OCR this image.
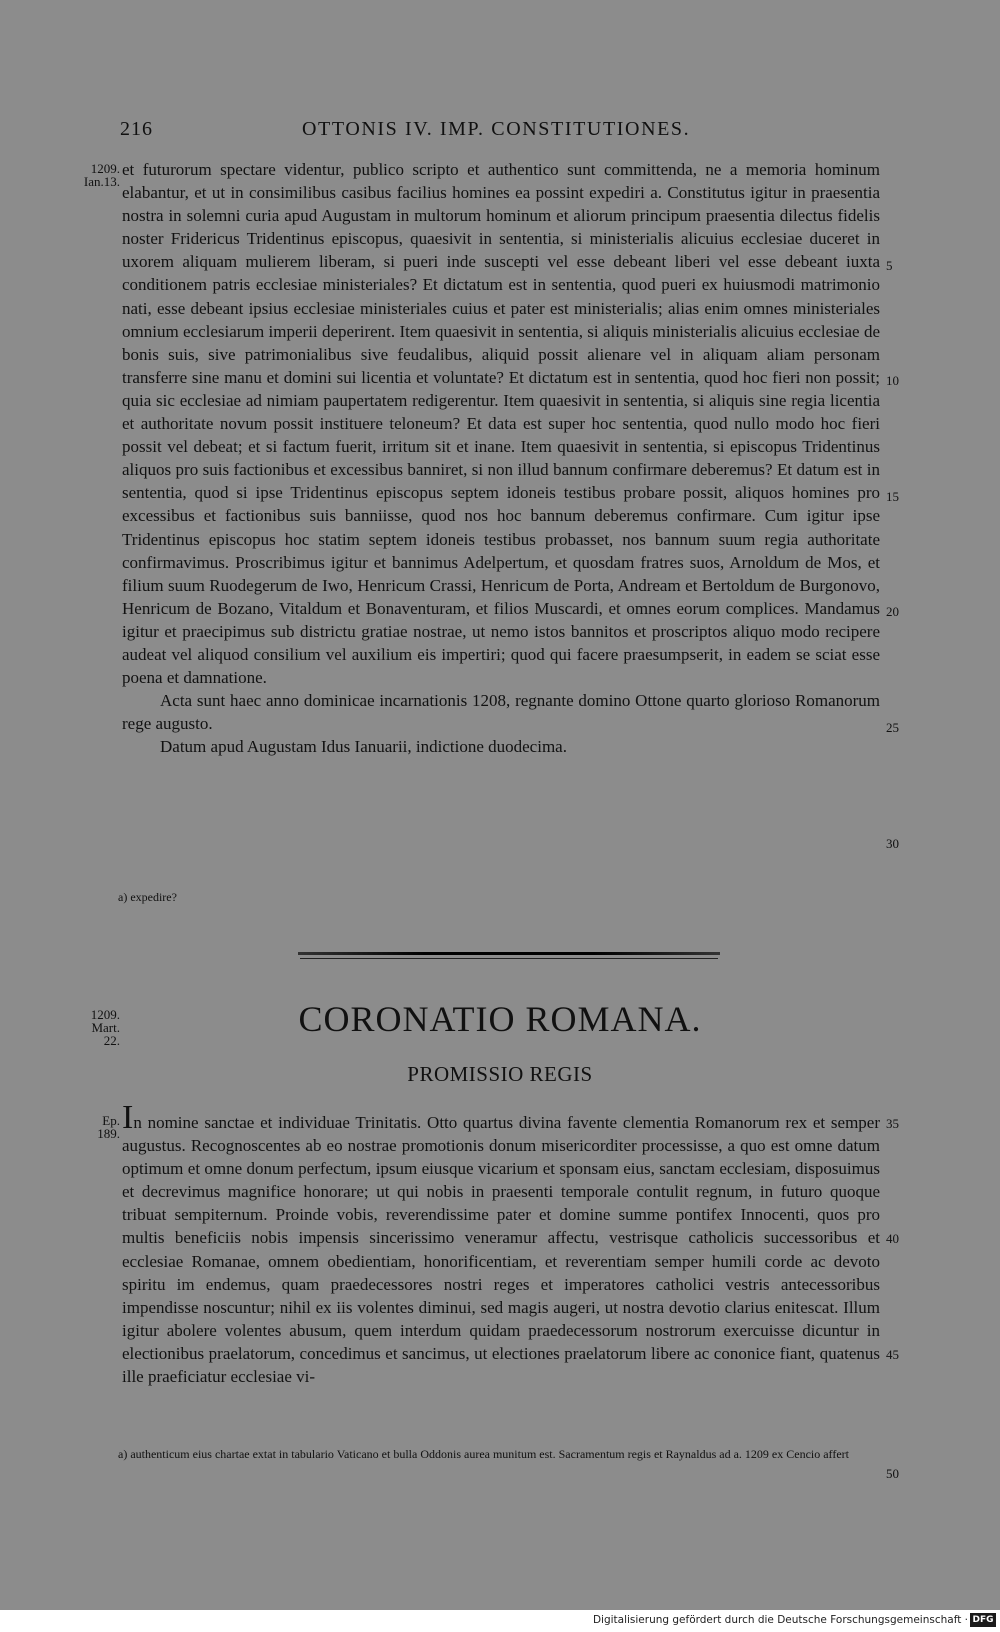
216	OTTONIS IV. IMP. CONSTITUTIONES.
1209.
Ian.13.

et futurorum spectare videntur, publico scripto et authentico sunt committenda, ne a memoria hominum elabantur, et ut in consimilibus casibus facilius homines ea possint expediri a. Constitutus igitur in praesentia nostra in solemni curia apud Augustam in multorum hominum et aliorum principum praesentia dilectus fidelis noster Fridericus Tridentinus episcopus, quaesivit in sententia, si ministerialis alicuius ecclesiae duceret in uxorem aliquam mulierem liberam, si pueri inde suscepti vel esse debeant liberi vel esse debeant iuxta conditionem patris ecclesiae ministeriales? Et dictatum est in sententia, quod pueri ex huiusmodi matrimonio nati, esse debeant ipsius ecclesiae ministeriales cuius et pater est ministerialis; alias enim omnes ministeriales omnium ecclesiarum imperii deperirent. Item quaesivit in sententia, si aliquis ministerialis alicuius ecclesiae de bonis suis, sive patrimonialibus sive feudalibus, aliquid possit alienare vel in aliquam aliam personam transferre sine manu et domini sui licentia et voluntate? Et dictatum est in sententia, quod hoc fieri non possit; quia sic ecclesiae ad nimiam paupertatem redigerentur. Item quaesivit in sententia, si aliquis sine regia licentia et authoritate novum possit instituere teloneum? Et data est super hoc sententia, quod nullo modo hoc fieri possit vel debeat; et si factum fuerit, irritum sit et inane. Item quaesivit in sententia, si episcopus Tridentinus aliquos pro suis factionibus et excessibus banniret, si non illud bannum confirmare deberemus? Et datum est in sententia, quod si ipse Tridentinus episcopus septem idoneis testibus probare possit, aliquos homines pro excessibus et factionibus suis banniisse, quod nos hoc bannum deberemus confirmare. Cum igitur ipse Tridentinus episcopus hoc statim septem idoneis testibus probasset, nos bannum suum regia authoritate confirmavimus. Proscribimus igitur et bannimus Adelpertum, et quosdam fratres suos, Arnoldum de Mos, et filium suum Ruodegerum de Iwo, Henricum Crassi, Henricum de Porta, Andream et Bertoldum de Burgonovo, Henricum de Bozano, Vitaldum et Bonaventuram, et filios Muscardi, et omnes eorum complices. Mandamus igitur et praecipimus sub districtu gratiae nostrae, ut nemo istos bannitos et proscriptos aliquo modo recipere audeat vel aliquod consilium vel auxilium eis impertiri; quod qui facere praesumpserit, in eadem se sciat esse poena et damnatione.

Acta sunt haec anno dominicae incarnationis 1208, regnante domino Ottone quarto glorioso Romanorum rege augusto.

Datum apud Augustam Idus Ianuarii, indictione duodecima.

5
10
15
20
25
30
a) expedire?
1209.
Mart.
22.
CORONATIO ROMANA.
PROMISSIO REGIS
Ep.
189. In nomine sanctae et individuae Trinitatis. Otto quartus divina favente clementia Romanorum rex et semper augustus. Recognoscentes ab eo nostrae promotionis donum misericorditer processisse, a quo est omne datum optimum et omne donum perfectum, ipsum eiusque vicarium et sponsam eius, sanctam ecclesiam, disposuimus et decrevimus magnifice honorare; ut qui nobis in praesenti temporale contulit regnum, in futuro quoque tribuat sempiternum. Proinde vobis, reverendissime pater et domine summe pontifex Innocenti, quos pro multis beneficiis nobis impensis sincerissimo veneramur affectu, vestrisque catholicis successoribus et ecclesiae Romanae, omnem obedientiam, honorificentiam, et reverentiam semper humili corde ac devoto spiritu im endemus, quam praedecessores nostri reges et imperatores catholici vestris antecessoribus impendisse noscuntur; nihil ex iis volentes diminui, sed magis augeri, ut nostra devotio clarius enitescat. Illum igitur abolere volentes abusum, quem interdum quidam praedecessorum nostrorum exercuisse dicuntur in electionibus praelatorum, concedimus et sancimus, ut electiones praelatorum libere ac cononice fiant, quatenus ille praeficiatur ecclesiae vi-

35
40
45
a) authenticum eius chartae extat in tabulario Vaticano et bulla Oddonis aurea munitum est. Sacramentum regis et Raynaldus ad a. 1209 ex Cencio affert
50
Digitalisierung gefördert durch die Deutsche Forschungsgemeinschaft · DFG
